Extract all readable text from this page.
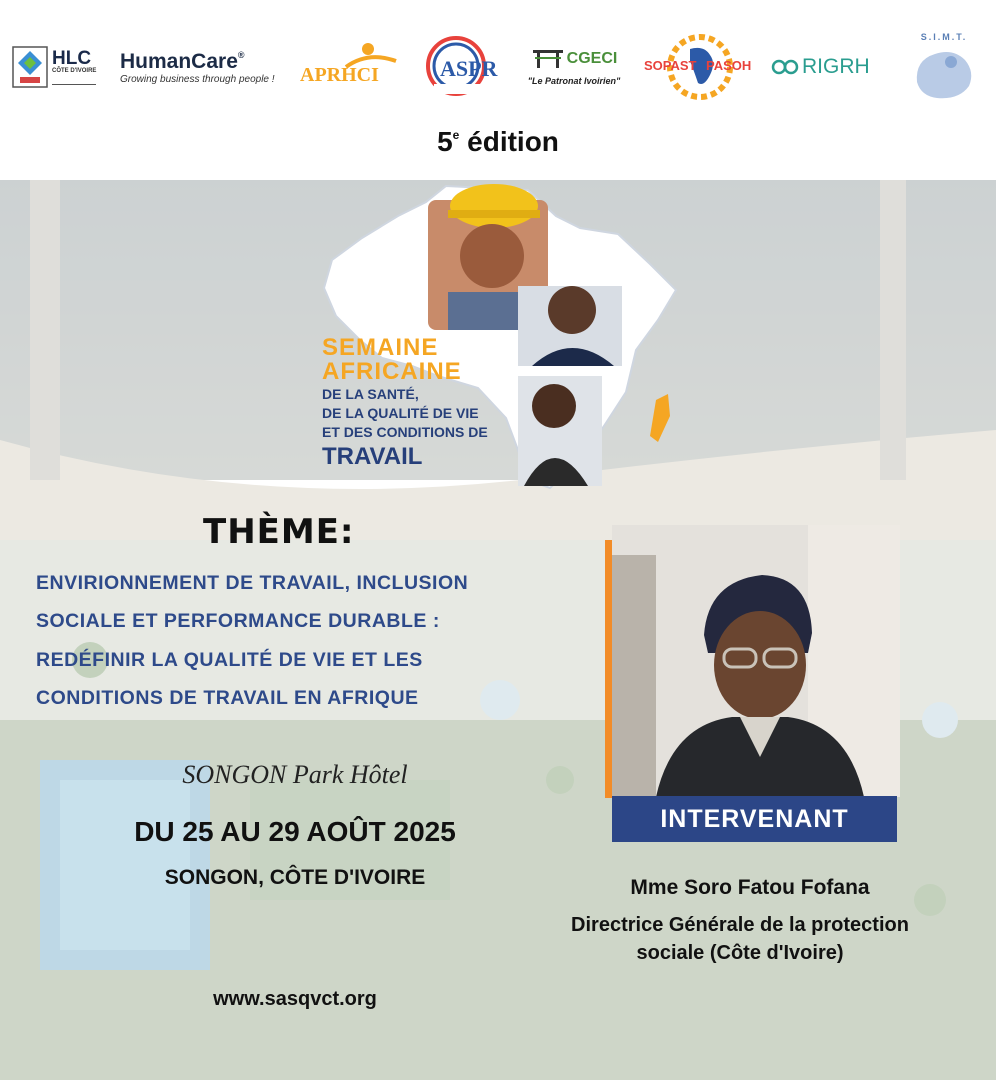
HLC
CÔTE D'IVOIRE HumanCare®
Growing business through people ! APRHCI	ASPR	CGECI
"Le Patronat Ivoirien"
SOPAST PASOH RIGRH
S.I.M.T.
5e édition
SEMAINE
AFRICAINE
DE LA SANTÉ,
DE LA QUALITÉ DE VIE
ET DES CONDITIONS DE
TRAVAIL
THÈME:
ENVIRIONNEMENT DE TRAVAIL, INCLUSION
SOCIALE ET PERFORMANCE DURABLE :
REDÉFINIR LA QUALITÉ DE VIE ET LES
CONDITIONS DE TRAVAIL EN AFRIQUE
SONGON Park Hôtel
DU 25 AU 29 AOÛT 2025
SONGON, CÔTE D'IVOIRE
www.sasqvct.org
INTERVENANT
Mme Soro Fatou Fofana
Directrice Générale de la protection
sociale (Côte d'Ivoire)
